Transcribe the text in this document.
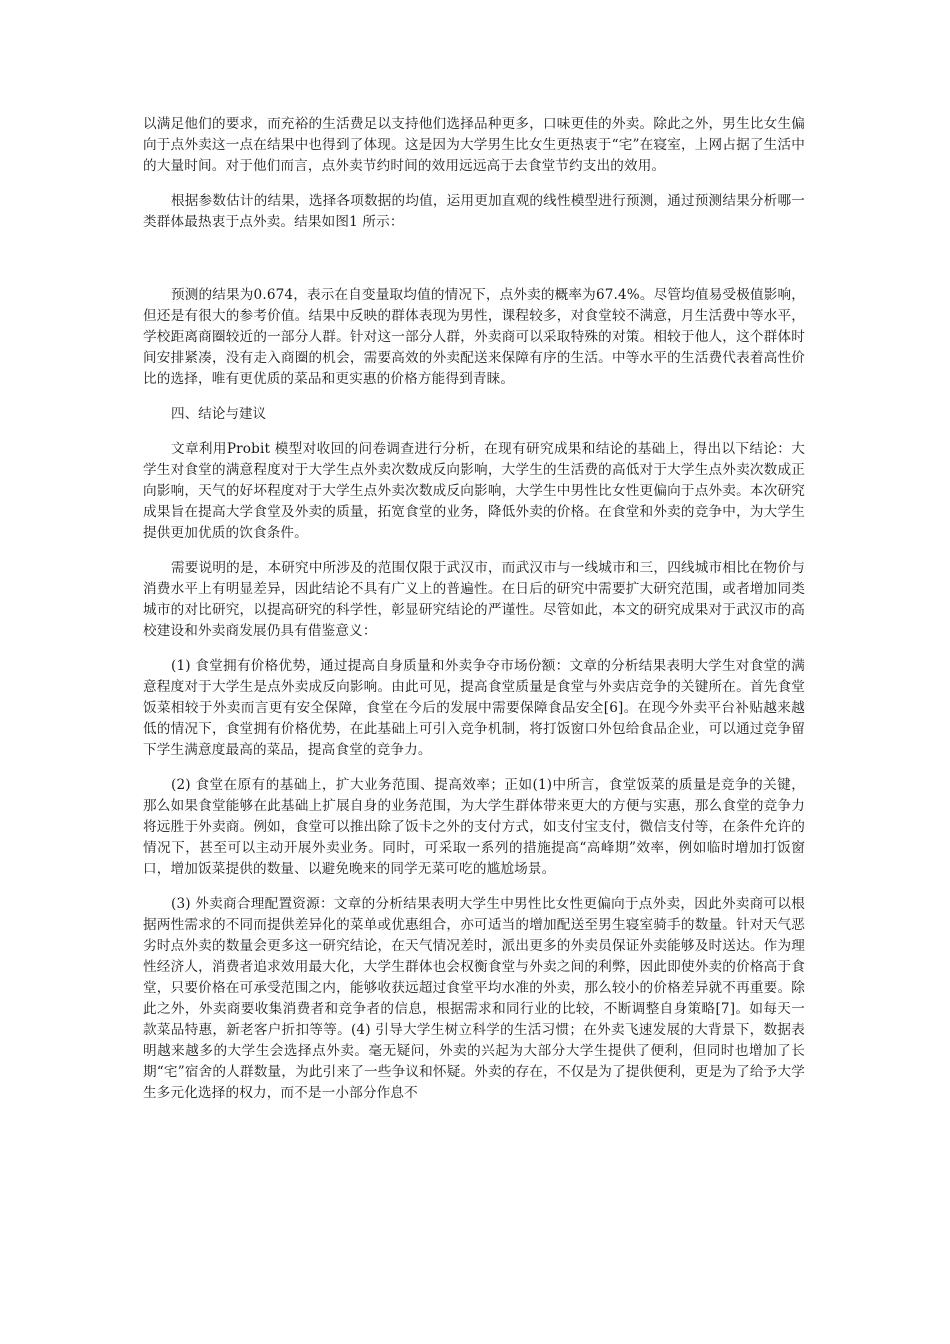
以满足他们的要求，而充裕的生活费足以支持他们选择品种更多，口味更佳的外卖。除此之外，男生比女生偏向于点外卖这一点在结果中也得到了体现。这是因为大学男生比女生更热衷于“宅”在寝室，上网占据了生活中的大量时间。对于他们而言，点外卖节约时间的效用远远高于去食堂节约支出的效用。

根据参数估计的结果，选择各项数据的均值，运用更加直观的线性模型进行预测，通过预测结果分析哪一类群体最热衷于点外卖。结果如图1 所示：

预测的结果为0.674，表示在自变量取均值的情况下，点外卖的概率为67.4%。尽管均值易受极值影响，但还是有很大的参考价值。结果中反映的群体表现为男性，课程较多，对食堂较不满意，月生活费中等水平，学校距离商圈较近的一部分人群。针对这一部分人群，外卖商可以采取特殊的对策。相较于他人，这个群体时间安排紧凑，没有走入商圈的机会，需要高效的外卖配送来保障有序的生活。中等水平的生活费代表着高性价比的选择，唯有更优质的菜品和更实惠的价格方能得到青睐。

四、结论与建议

文章利用Probit 模型对收回的问卷调查进行分析，在现有研究成果和结论的基础上，得出以下结论：大学生对食堂的满意程度对于大学生点外卖次数成反向影响，大学生的生活费的高低对于大学生点外卖次数成正向影响，天气的好坏程度对于大学生点外卖次数成反向影响，大学生中男性比女性更偏向于点外卖。本次研究成果旨在提高大学食堂及外卖的质量，拓宽食堂的业务，降低外卖的价格。在食堂和外卖的竞争中，为大学生提供更加优质的饮食条件。

需要说明的是，本研究中所涉及的范围仅限于武汉市，而武汉市与一线城市和三，四线城市相比在物价与消费水平上有明显差异，因此结论不具有广义上的普遍性。在日后的研究中需要扩大研究范围，或者增加同类城市的对比研究，以提高研究的科学性，彰显研究结论的严谨性。尽管如此，本文的研究成果对于武汉市的高校建设和外卖商发展仍具有借鉴意义：

(1) 食堂拥有价格优势，通过提高自身质量和外卖争夺市场份额：文章的分析结果表明大学生对食堂的满意程度对于大学生是点外卖成反向影响。由此可见，提高食堂质量是食堂与外卖店竞争的关键所在。首先食堂饭菜相较于外卖而言更有安全保障，食堂在今后的发展中需要保障食品安全[6]。在现今外卖平台补贴越来越低的情况下，食堂拥有价格优势，在此基础上可引入竞争机制，将打饭窗口外包给食品企业，可以通过竞争留下学生满意度最高的菜品，提高食堂的竞争力。

(2) 食堂在原有的基础上，扩大业务范围、提高效率；正如(1)中所言，食堂饭菜的质量是竞争的关键，那么如果食堂能够在此基础上扩展自身的业务范围，为大学生群体带来更大的方便与实惠，那么食堂的竞争力将远胜于外卖商。例如，食堂可以推出除了饭卡之外的支付方式，如支付宝支付，微信支付等，在条件允许的情况下，甚至可以主动开展外卖业务。同时，可采取一系列的措施提高“高峰期”效率，例如临时增加打饭窗口，增加饭菜提供的数量、以避免晚来的同学无菜可吃的尴尬场景。

(3) 外卖商合理配置资源：文章的分析结果表明大学生中男性比女性更偏向于点外卖，因此外卖商可以根据两性需求的不同而提供差异化的菜单或优惠组合，亦可适当的增加配送至男生寝室骑手的数量。针对天气恶劣时点外卖的数量会更多这一研究结论，在天气情况差时，派出更多的外卖员保证外卖能够及时送达。作为理性经济人，消费者追求效用最大化，大学生群体也会权衡食堂与外卖之间的利弊，因此即使外卖的价格高于食堂，只要价格在可承受范围之内，能够收获远超过食堂平均水准的外卖，那么较小的价格差异就不再重要。除此之外，外卖商要收集消费者和竞争者的信息，根据需求和同行业的比较，不断调整自身策略[7]。如每天一款菜品特惠，新老客户折扣等等。(4) 引导大学生树立科学的生活习惯；在外卖飞速发展的大背景下，数据表明越来越多的大学生会选择点外卖。毫无疑问，外卖的兴起为大部分大学生提供了便利，但同时也增加了长期“宅”宿舍的人群数量，为此引来了一些争议和怀疑。外卖的存在，不仅是为了提供便利，更是为了给予大学生多元化选择的权力，而不是一小部分作息不
